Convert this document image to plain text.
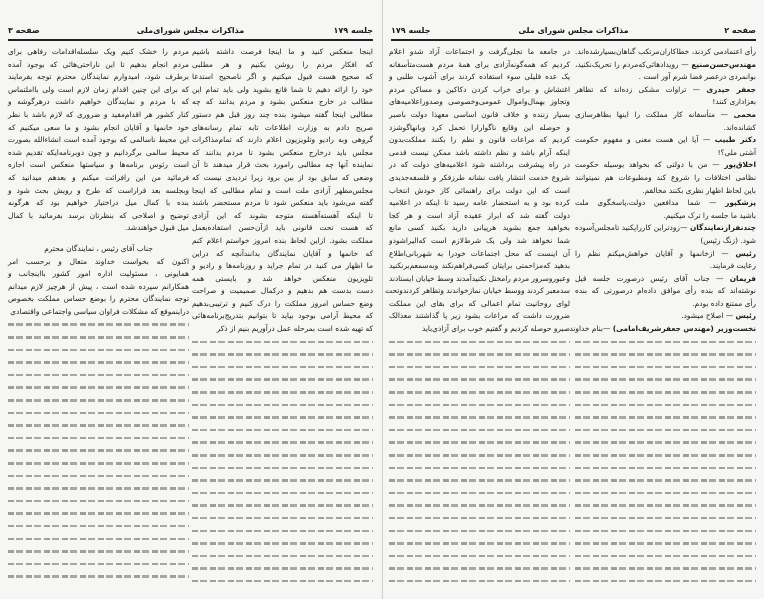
جلسه ۱۷۹
مذاکرات مجلس شورای‌ملی
صفحه ۳
اینجا منعکس کنید و ما اینجا فرصت داشته باشیم
که افکار مردم را روشن بکنیم و هر مطلبی
که صحیح هست قبول میکنیم و اگر ناصحیح استدعا
خود را ارائه دهیم تا شما قانع بشوید ولی باید تمام این
مطالب در خارج منعکس بشود و مردم بدانند که چه
مطالبی اینجا گفته میشود بنده چند روز قبل هم دستور
صریح دادم به وزارت اطلاعات تابه تمام رسانه‌های
گروهی وبه رادیو وتلویزیون اعلام دارند که تمام‌مذاکرات
مجلس باید درخارج منعکس بشود تا مردم بدانند که
نماینده آنها چه مطالبی رامورد بحث قرار میدهند تا آن
وضعی که سابق بود از بین برود زیرا تردیدی نیست که
مجلس‌مظهر آزادی ملت است و تمام مطالبی که اینجا
گفته می‌شود باید منعکس شود تا مردم مستحضر باشند
تا اینکه آهسته‌آهسته متوجه بشوند که این آزادی
که هست تحت قانونی باید ازآن‌حسن استفاده‌بعمل
مملکت بشود. ازاین لحاظ بنده امروز خواستم اعلام کنم
که خانمها و آقایان نمایندگان بدانندآنچه که دراین
ما اظهار می کنید در تمام جراید و روزنامه‌ها و رادیو و
تلویزیون منعکس خواهد شد و بایستی همه
دست بدست هم بدهیم و درکمال صمیمیت و صراحت
وضع حساس امروز مملکت را درک کنیم و ترتیبی‌بدهیم
که محیط آرامی بوجود بیاید تا بتوانیم بتدریج‌برنامه‌هائی
که تهیه شده است بمرحله عمل درآوریم بنیم از ذکر
مردم را خشک کنیم ویک سلسله‌اقدامات رفاهی برای
مردم انجام بدهیم تا این ناراحتی‌هائی که بوجود آمده
برطرف شود، امیدوارم نمایندگان محترم توجه بفرمایند
که برای این چنین اقدام زمان لازم است ولی بااملتماس
که با مردم و نمایندگان خواهیم داشت درهرگوشه و
کنار کشور هر اقدام‌مفید و ضروری که لازم باشد با نظر
خود خانمها و آقایان انجام بشود و ما سعی میکنیم که
این محیط ناسالمی که بوجود آمده است انشاءالله بصورت
محیط سالمی برگردانیم و چون دوبرنامه‌ایکه تقدیم شده
است رئوس برنامه‌ها و سیاستها منعکس است اجازه
فرمائید من این رافرائت میکنم و بعدهم میدانید که
وبجلسه بعد قراراست که طرح و رویش بحث شود و
بنده با کمال میل دراختیار خواهیم بود که هرگونه
توضیح و اصلاحی که بنظرتان برسد بفرمائید با کمال
میل قبول خواهندشد.
جناب آقای رئیس ، نمایندگان محترم
اکنون که بخواست خداوند متعال و برحسب امر
همایونی ، مسئولیت اداره امور کشور بااینجانب و
همکارانم سپرده شده است ، پیش از هرچیز لازم میدانم
توجه نمایندگان محترم را بوضع حساس مملکت بخصوص
دراینموقع که مشکلات فراوان سیاسی واجتماعی واقتصادی
صفحه ۲
مذاکرات مجلس شورای ملی
جلسه ۱۷۹
رأی اعتمادمی کردند، خطاکاران‌مرتکب گناهان‌بسیارشده‌اند.
مهندس‌حسن‌صنیع — رویدادهائی‌که‌مردم‌ را تحریک‌نکنید،
بوانمردی درعصر فضا شرم آور است .
جعفر حیدری — تراوات مشکی زده‌اند که تظاهر
بعزاداری کنند!
محمی — متأسفانه کار مملکت را اینها بظاهرسازی
کشانده‌اند.
دکتر طبیب — آیا این هست معنی و مفهوم حکومت
آشتی ملی؟!
اخلاق‌پور — من با دولتی که بخواهد بوسیله حکومت
نظامی اختلافات را شروع کند ومطبوعات هم نمیتوانند
باین لحاظ اظهار نظری بکنند مخالفم.
پزشکپور — شما مدافعین دولت،پاسخگوی ملت
باشید ما جلسه را ترک میکنیم.
چندنفرازنمایندگان —زودتراین کارراپکنید تامجلس‌آسوده
شود. (زنگ رئیس)
رئیس — ازخانمها و آقایان خواهش‌میکنم نظم را
رعایت فرمایند.
فریمان — جناب آقای رئیس درصورت جلسه قبل
نوشته‌اند که بنده رأی موافق داده‌ام درصورتی که بنده
رأی ممتنع داده بودم.
رئیس — اصلاح میشود.
نخست‌وزیر (مهندس جعفرشریف‌امامی) —بنام خداوند
در جامعه ما تجلی‌گرفت و اجتماعات آزاد شدو اعلام
کردیم که همه‌گونه‌آزادی برای همهٔ مردم هست‌متأسفانه
یک عده قلیلی سوء استفاده کردند برای آشوب طلبی و
اغتشاش و برای خراب کردن دکاکین و مساکن مردم
وتجاوز بهمال‌واموال عمومی‌وخصوصی وصدوراعلامیه‌های
بسیار زننده و خلاف قانون اساسی معهذا دولت باصبر
و حوصله این وقایع ناگوارارا تحمل کرد وبانهاگوشزد
کردیم که مراعات قانون و نظم را بکنند مملکت‌بدون
اینکه آرام باشد و نظم داشته باشد ممکن نیست قدمی
در راه پیشرفت برداشته شود اعلامیه‌های دولت که در
شروع خدمت انتشار یافت نشانه طرزفکر و فلسفه‌جدیدی
است که این دولت برای راهنمائی کار خودش انتخاب
کرده بود و به استحضار عامه رسید تا اینکه در اعلامیه
دولت گفته شد که ابراز عقیده آزاد است و هر کجا
بخواهید جمع بشوید هرپیانی دارید بکنید کسی مانع
شما نخواهد شد ولی یک شرط‌لازم است که‌الیراشودو
آن اینست که محل اجتماعات خودرا به شهربانی‌اطلاع
بدهید که‌مزاحمتی برایتان کسی‌فراهم‌نکند وبه‌سمعم‌برنکنید
وعبوروسرور مردم رامختل نکنید‌آمدند وسط خیابان ایستادند
سدمعبر کردند ووسط خیابان نمازخواندند وتظاهر کردندوتحت
لوای روحانیت تمام اعمالی که برای بقای این مملکت
ضرورت داشت که مراعات بشود زیر پا گذاشتند معذالک
صبرو حوصله کردیم و گفتیم خوب برای آزادی‌باید
